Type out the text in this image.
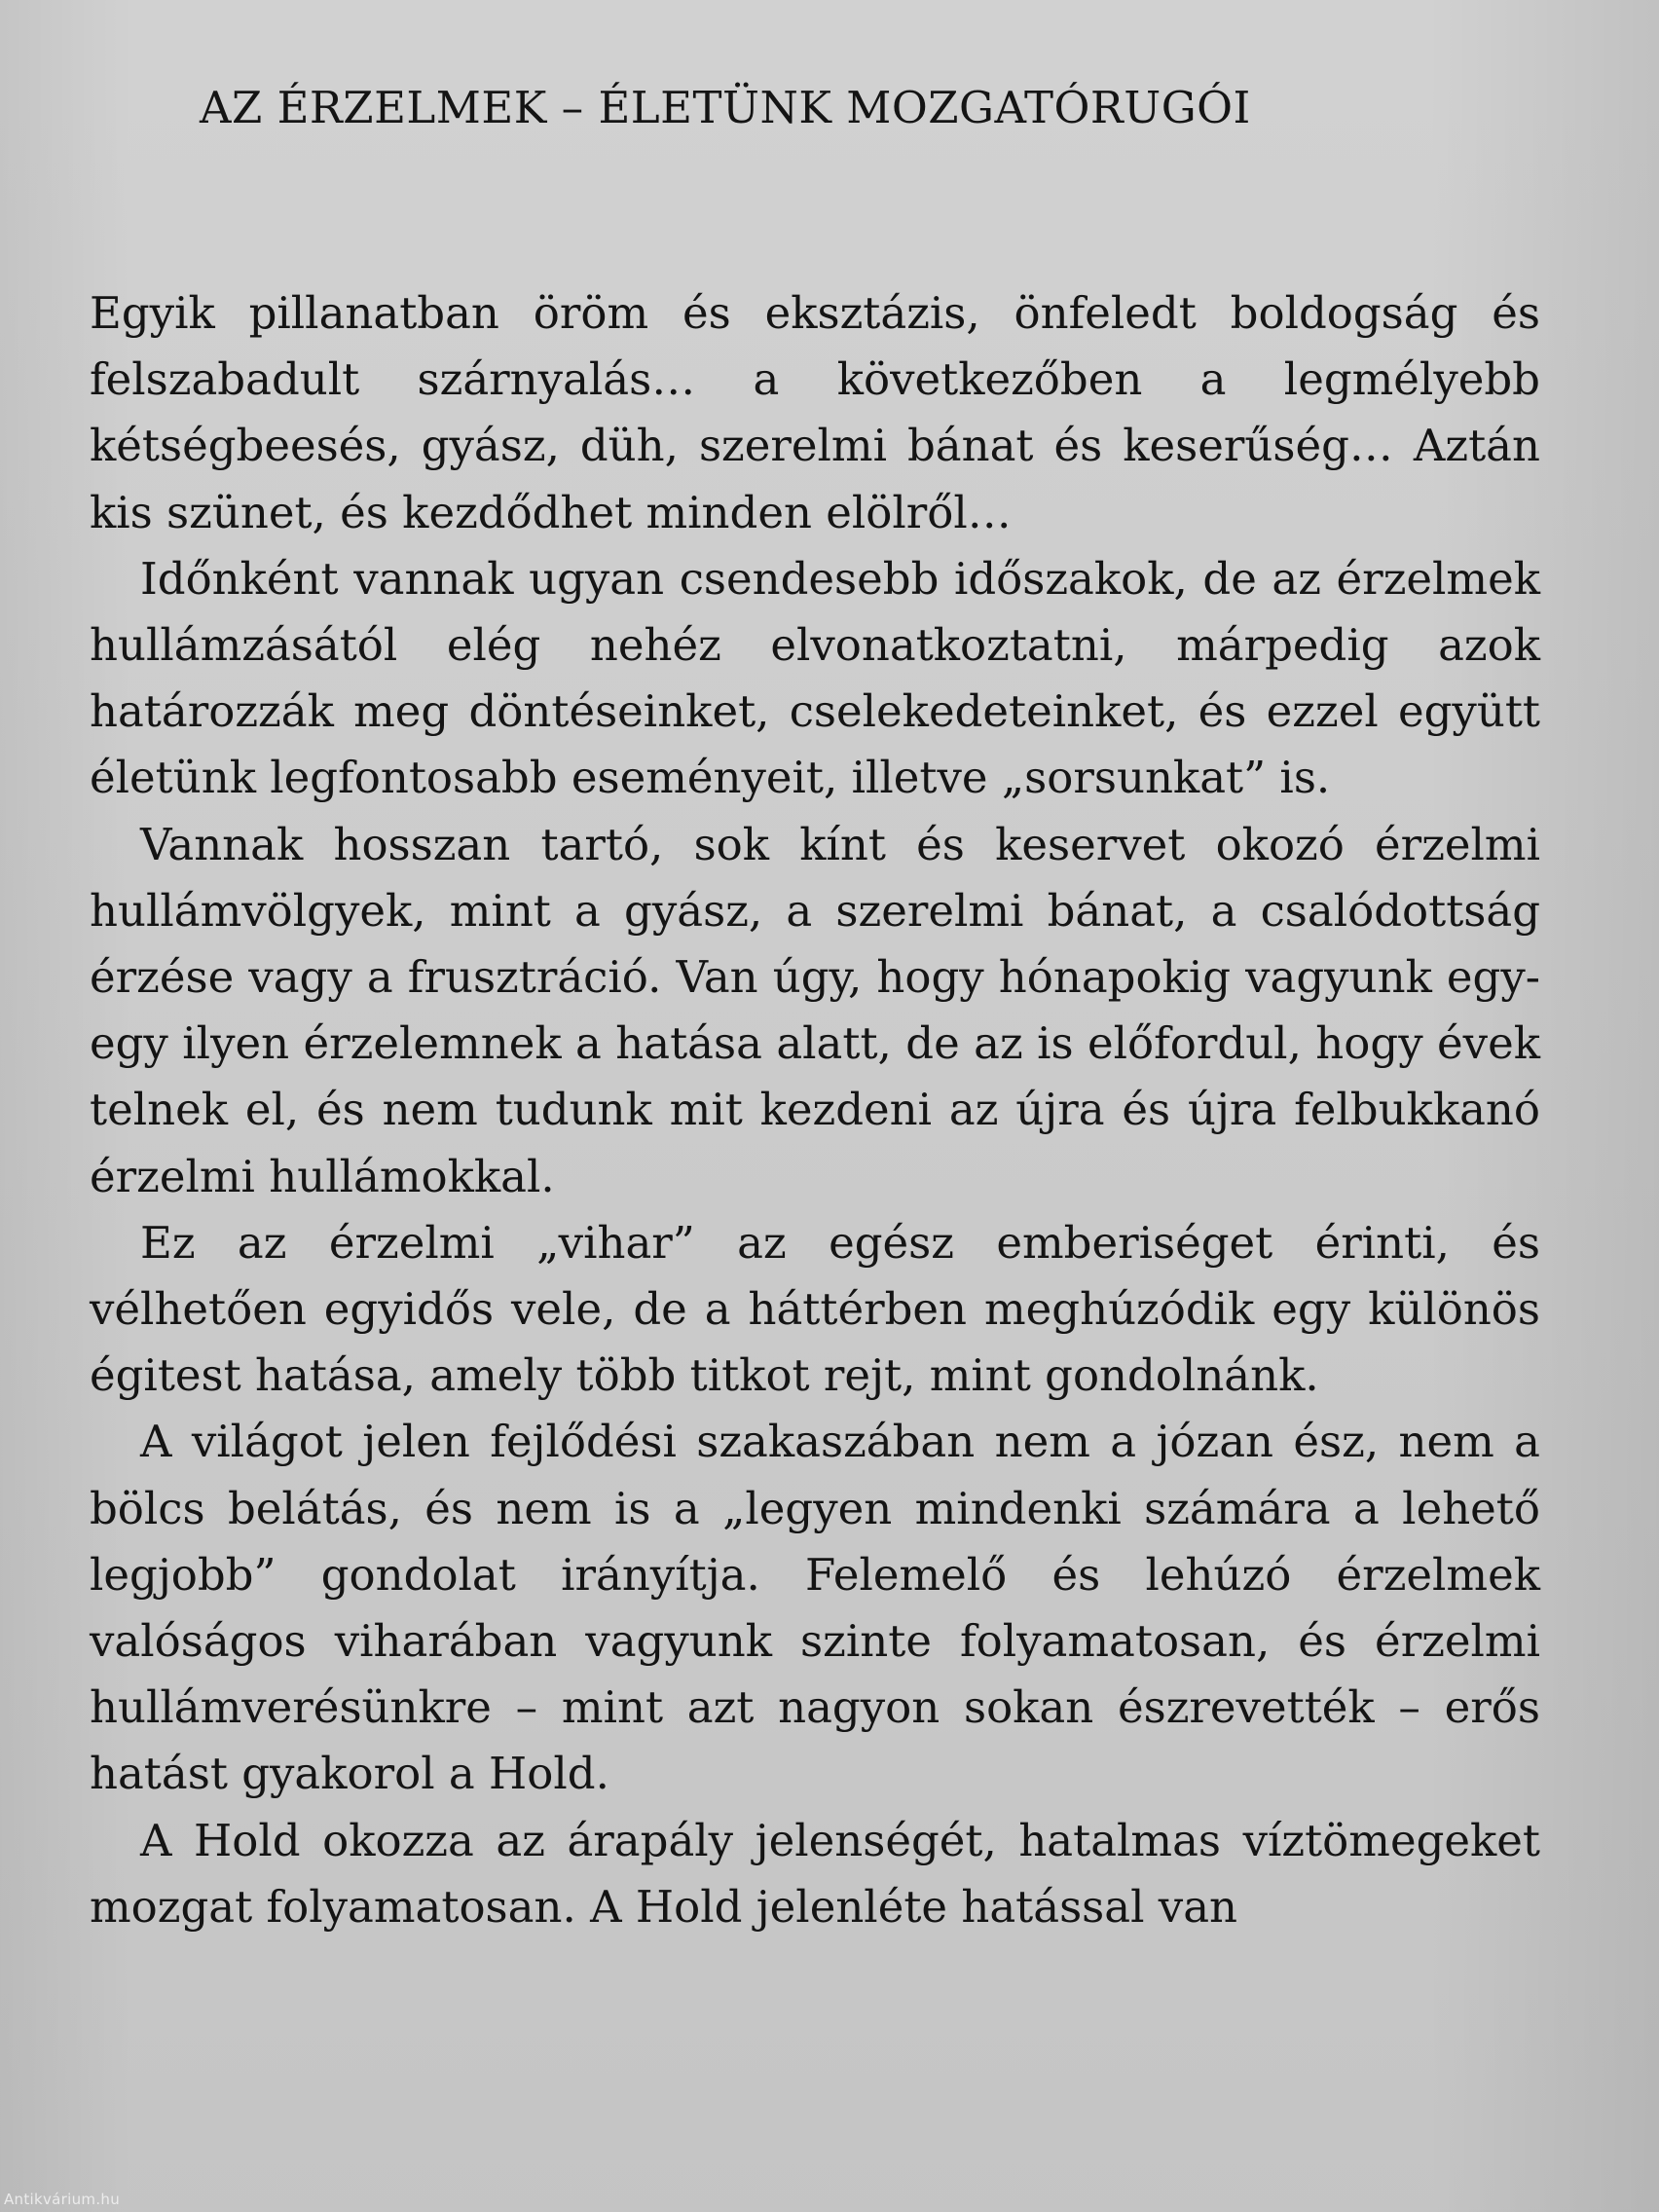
AZ ÉRZELMEK – ÉLETÜNK MOZGATÓRUGÓI

Egyik pillanatban öröm és eksztázis, önfeledt boldogság és felszabadult szárnyalás… a következőben a legmélyebb kétségbeesés, gyász, düh, szerelmi bánat és keserűség… Aztán kis szünet, és kezdődhet minden elölről…

Időnként vannak ugyan csendesebb időszakok, de az érzelmek hullámzásától elég nehéz elvonatkoztatni, márpedig azok határozzák meg döntéseinket, cselekedeteinket, és ezzel együtt életünk legfontosabb eseményeit, illetve „sorsunkat” is.

Vannak hosszan tartó, sok kínt és keservet okozó érzelmi hullámvölgyek, mint a gyász, a szerelmi bánat, a csalódottság érzése vagy a frusztráció. Van úgy, hogy hónapokig vagyunk egy-egy ilyen érzelemnek a hatása alatt, de az is előfordul, hogy évek telnek el, és nem tudunk mit kezdeni az újra és újra felbukkanó érzelmi hullámokkal.

Ez az érzelmi „vihar” az egész emberiséget érinti, és vélhetően egyidős vele, de a háttérben meghúzódik egy különös égitest hatása, amely több titkot rejt, mint gondolnánk.

A világot jelen fejlődési szakaszában nem a józan ész, nem a bölcs belátás, és nem is a „legyen mindenki számára a lehető legjobb” gondolat irányítja. Felemelő és lehúzó érzelmek valóságos viharában vagyunk szinte folyamatosan, és érzelmi hullámverésünkre – mint azt nagyon sokan észrevették – erős hatást gyakorol a Hold.

A Hold okozza az árapály jelenségét, hatalmas víztömegeket mozgat folyamatosan. A Hold jelenléte hatással van

Antikvárium.hu
